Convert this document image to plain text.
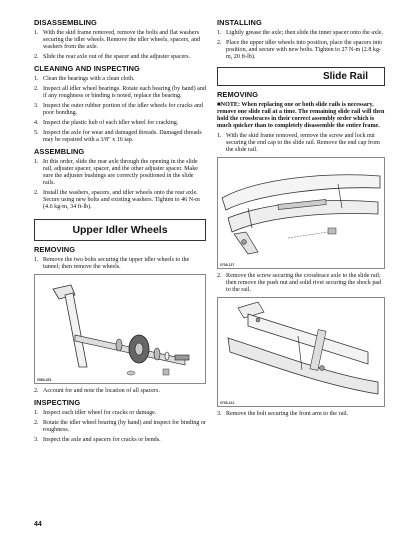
DISASSEMBLING
1. With the skid frame removed, remove the bolts and flat washers securing the idler wheels. Remove the idler wheels, spacers, and washers from the axle.
2. Slide the rear axle out of the spacer and the adjuster spacers.
CLEANING AND INSPECTING
1. Clean the bearings with a clean cloth.
2. Inspect all idler wheel bearings. Rotate each bearing (by hand) and if any roughness or binding is noted, replace the bearing.
3. Inspect the outer rubber portion of the idler wheels for cracks and poor bonding.
4. Inspect the plastic hub of each idler wheel for cracking.
5. Inspect the axle for wear and damaged threads. Damaged threads may be repaired with a 3/8" x 16 tap.
ASSEMBLING
1. In this order, slide the rear axle through the opening in the slide rail, adjuster spacer, spacer, and the other adjuster spacer. Make sure the adjuster bushings are correctly positioned in the slide rails.
2. Install the washers, spacers, and idler wheels onto the rear axle. Secure using new bolts and existing washers. Tighten to 46 N-m (4.6 kg-m, 34 ft-lb).
Upper Idler Wheels
REMOVING
1. Remove the two bolts securing the upper idler wheels to the tunnel; then remove the wheels.
0565-453
2. Account for and note the location of all spacers.
INSPECTING
1. Inspect each idler wheel for cracks or damage.
2. Rotate the idler wheel bearing (by hand) and inspect for binding or roughness.
3. Inspect the axle and spacers for cracks or bends.
INSTALLING
1. Lightly grease the axle; then slide the inner spacer onto the axle.
2. Place the upper idler wheels into position, place the spacers into position, and secure with new bolts. Tighten to 27 N-m (2.8 kg-m, 20 ft-lb).
Slide Rail
REMOVING
■NOTE: When replacing one or both slide rails is necessary, remove one slide rail at a time. The remaining slide rail will then hold the crossbraces in their correct assembly order which is much quicker than to completely disassemble the entire frame.
1. With the skid frame removed, remove the screw and lock nut securing the end cap to the slide rail. Remove the end cap from the slide rail.
0705-137
2. Remove the screw securing the crossbrace axle to the slide rail; then remove the push nut and solid rivet securing the shock pad to the rail.
0705-141
3. Remove the bolt securing the front arm to the rail.
44
